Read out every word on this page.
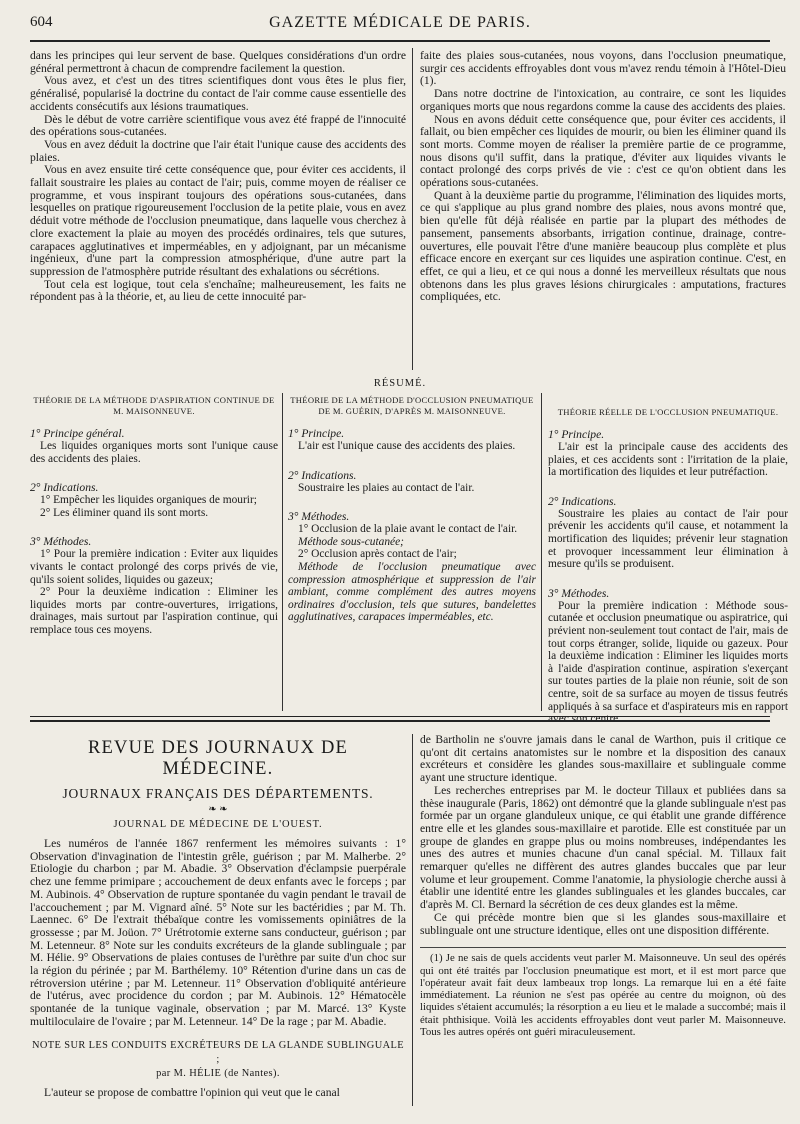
604	GAZETTE MÉDICALE DE PARIS.

dans les principes qui leur servent de base. Quelques considérations d'un ordre général permettront à chacun de comprendre facilement la question.

Vous avez, et c'est un des titres scientifiques dont vous êtes le plus fier, généralisé, popularisé la doctrine du contact de l'air comme cause essentielle des accidents consécutifs aux lésions traumatiques.

Dès le début de votre carrière scientifique vous avez été frappé de l'innocuité des opérations sous-cutanées.

Vous en avez déduit la doctrine que l'air était l'unique cause des accidents des plaies.

Vous en avez ensuite tiré cette conséquence que, pour éviter ces accidents, il fallait soustraire les plaies au contact de l'air; puis, comme moyen de réaliser ce programme, et vous inspirant toujours des opérations sous-cutanées, dans lesquelles on pratique rigoureusement l'occlusion de la petite plaie, vous en avez déduit votre méthode de l'occlusion pneumatique, dans laquelle vous cherchez à clore exactement la plaie au moyen des procédés ordinaires, tels que sutures, carapaces agglutinatives et imperméables, en y adjoignant, par un mécanisme ingénieux, d'une part la compression atmosphérique, d'une autre part la suppression de l'atmosphère putride résultant des exhalations ou sécrétions.

Tout cela est logique, tout cela s'enchaîne; malheureusement, les faits ne répondent pas à la théorie, et, au lieu de cette innocuité par-

faite des plaies sous-cutanées, nous voyons, dans l'occlusion pneumatique, surgir ces accidents effroyables dont vous m'avez rendu témoin à l'Hôtel-Dieu (1).

Dans notre doctrine de l'intoxication, au contraire, ce sont les liquides organiques morts que nous regardons comme la cause des accidents des plaies.

Nous en avons déduit cette conséquence que, pour éviter ces accidents, il fallait, ou bien empêcher ces liquides de mourir, ou bien les éliminer quand ils sont morts. Comme moyen de réaliser la première partie de ce programme, nous disons qu'il suffit, dans la pratique, d'éviter aux liquides vivants le contact prolongé des corps privés de vie : c'est ce qu'on obtient dans les opérations sous-cutanées.

Quant à la deuxième partie du programme, l'élimination des liquides morts, ce qui s'applique au plus grand nombre des plaies, nous avons montré que, bien qu'elle fût déjà réalisée en partie par la plupart des méthodes de pansement, pansements absorbants, irrigation continue, drainage, contre-ouvertures, elle pouvait l'être d'une manière beaucoup plus complète et plus efficace encore en exerçant sur ces liquides une aspiration continue. C'est, en effet, ce qui a lieu, et ce qui nous a donné les merveilleux résultats que nous obtenons dans les plus graves lésions chirurgicales : amputations, fractures compliquées, etc.

RÉSUMÉ.
THÉORIE DE LA MÉTHODE D'ASPIRATION CONTINUE DE M. MAISONNEUVE.
1° Principe général.

Les liquides organiques morts sont l'unique cause des accidents des plaies.

2° Indications.

1° Empêcher les liquides organiques de mourir;

2° Les éliminer quand ils sont morts.

3° Méthodes.

1° Pour la première indication : Eviter aux liquides vivants le contact prolongé des corps privés de vie, qu'ils soient solides, liquides ou gazeux;

2° Pour la deuxième indication : Eliminer les liquides morts par contre-ouvertures, irrigations, drainages, mais surtout par l'aspiration continue, qui remplace tous ces moyens.

THÉORIE DE LA MÉTHODE D'OCCLUSION PNEUMATIQUE DE M. GUÉRIN, D'APRÈS M. MAISONNEUVE.
1° Principe.

L'air est l'unique cause des accidents des plaies.

2° Indications.

Soustraire les plaies au contact de l'air.

3° Méthodes.

1° Occlusion de la plaie avant le contact de l'air.

Méthode sous-cutanée;

2° Occlusion après contact de l'air;

Méthode de l'occlusion pneumatique avec compression atmosphérique et suppression de l'air ambiant, comme complément des autres moyens ordinaires d'occlusion, tels que sutures, bandelettes agglutinatives, carapaces imperméables, etc.

THÉORIE RÉELLE DE L'OCCLUSION PNEUMATIQUE.
1° Principe.

L'air est la principale cause des accidents des plaies, et ces accidents sont : l'irritation de la plaie, la mortification des liquides et leur putréfaction.

2° Indications.

Soustraire les plaies au contact de l'air pour prévenir les accidents qu'il cause, et notamment la mortification des liquides; prévenir leur stagnation et provoquer incessamment leur élimination à mesure qu'ils se produisent.

3° Méthodes.

Pour la première indication : Méthode sous-cutanée et occlusion pneumatique ou aspiratrice, qui prévient non-seulement tout contact de l'air, mais de tout corps étranger, solide, liquide ou gazeux. Pour la deuxième indication : Eliminer les liquides morts à l'aide d'aspiration continue, aspiration s'exerçant sur toutes parties de la plaie non réunie, soit de son centre, soit de sa surface au moyen de tissus feutrés appliqués à sa surface et d'aspirateurs mis en rapport avec son centre.

REVUE DES JOURNAUX DE MÉDECINE.
JOURNAUX FRANÇAIS DES DÉPARTEMENTS.
❧ ❧
JOURNAL DE MÉDECINE DE L'OUEST.

Les numéros de l'année 1867 renferment les mémoires suivants : 1° Observation d'invagination de l'intestin grêle, guérison ; par M. Malherbe. 2° Etiologie du charbon ; par M. Abadie. 3° Observation d'éclampsie puerpérale chez une femme primipare ; accouchement de deux enfants avec le forceps ; par M. Aubinois. 4° Observation de rupture spontanée du vagin pendant le travail de l'accouchement ; par M. Vignard aîné. 5° Note sur les bactéridies ; par M. Th. Laennec. 6° De l'extrait thébaïque contre les vomissements opiniâtres de la grossesse ; par M. Joüon. 7° Urétrotomie externe sans conducteur, guérison ; par M. Letenneur. 8° Note sur les conduits excréteurs de la glande sublinguale ; par M. Hélie. 9° Observations de plaies contuses de l'urèthre par suite d'un choc sur la région du périnée ; par M. Barthélemy. 10° Rétention d'urine dans un cas de rétroversion utérine ; par M. Letenneur. 11° Observation d'obliquité antérieure de l'utérus, avec procidence du cordon ; par M. Aubinois. 12° Hématocèle spontanée de la tunique vaginale, observation ; par M. Marcé. 13° Kyste multiloculaire de l'ovaire ; par M. Letenneur. 14° De la rage ; par M. Abadie.

NOTE SUR LES CONDUITS EXCRÉTEURS DE LA GLANDE SUBLINGUALE ;
par M. HÉLIE (de Nantes).

L'auteur se propose de combattre l'opinion qui veut que le canal

de Bartholin ne s'ouvre jamais dans le canal de Warthon, puis il critique ce qu'ont dit certains anatomistes sur le nombre et la disposition des canaux excréteurs et considère les glandes sous-maxillaire et sublinguale comme ayant une structure identique.

Les recherches entreprises par M. le docteur Tillaux et publiées dans sa thèse inaugurale (Paris, 1862) ont démontré que la glande sublinguale n'est pas formée par un organe glanduleux unique, ce qui établit une grande différence entre elle et les glandes sous-maxillaire et parotide. Elle est constituée par un groupe de glandes en grappe plus ou moins nombreuses, indépendantes les unes des autres et munies chacune d'un canal spécial. M. Tillaux fait remarquer qu'elles ne diffèrent des autres glandes buccales que par leur volume et leur groupement. Comme l'anatomie, la physiologie cherche aussi à établir une identité entre les glandes sublinguales et les glandes buccales, car d'après M. Cl. Bernard la sécrétion de ces deux glandes est la même.

Ce qui précède montre bien que si les glandes sous-maxillaire et sublinguale ont une structure identique, elles ont une disposition différente.

(1) Je ne sais de quels accidents veut parler M. Maisonneuve. Un seul des opérés qui ont été traités par l'occlusion pneumatique est mort, et il est mort parce que l'opérateur avait fait deux lambeaux trop longs. La remarque lui en a été faite immédiatement. La réunion ne s'est pas opérée au centre du moignon, où des liquides s'étaient accumulés; la résorption a eu lieu et le malade a succombé; mais il était phthisique. Voilà les accidents effroyables dont veut parler M. Maisonneuve. Tous les autres opérés ont guéri miraculeusement.
